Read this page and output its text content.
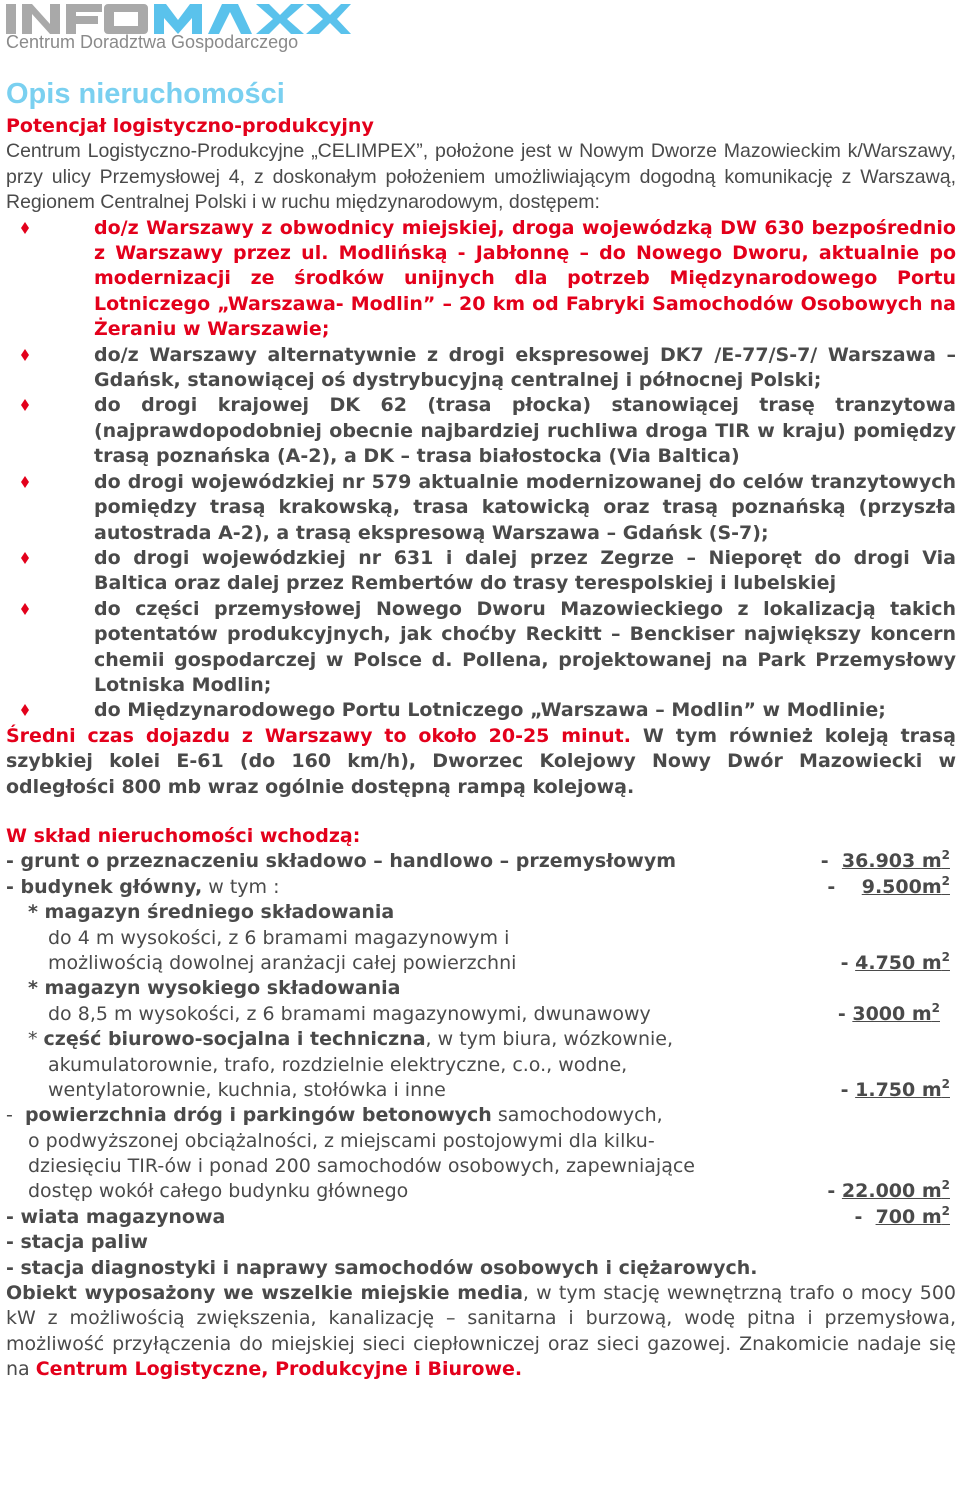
Centrum Doradztwa Gospodarczego
Opis nieruchomości
Potencjał logistyczno-produkcyjny

Centrum Logistyczno-Produkcyjne „CELIMPEX”, położone jest w Nowym Dworze Mazowieckim k/Warszawy, przy ulicy Przemysłowej 4, z doskonałym położeniem umożliwiającym dogodną komunikację z Warszawą, Regionem Centralnej Polski i w ruchu międzynarodowym, dostępem:

do/z Warszawy z obwodnicy miejskiej, droga wojewódzką DW 630 bezpośrednio z Warszawy przez ul. Modlińską - Jabłonnę – do Nowego Dworu, aktualnie po modernizacji ze środków unijnych dla potrzeb Międzynarodowego Portu Lotniczego „Warszawa- Modlin” – 20 km od Fabryki Samochodów Osobowych na Żeraniu w Warszawie;
do/z Warszawy alternatywnie z drogi ekspresowej DK7 /E-77/S-7/ Warszawa – Gdańsk, stanowiącej oś dystrybucyjną centralnej i północnej Polski;
do drogi krajowej DK 62 (trasa płocka) stanowiącej trasę tranzytowa (najprawdopodobniej obecnie najbardziej ruchliwa droga TIR w kraju) pomiędzy trasą poznańska (A-2), a DK – trasa białostocka (Via Baltica)
do drogi wojewódzkiej nr 579 aktualnie modernizowanej do celów tranzytowych pomiędzy trasą krakowską, trasa katowicką oraz trasą poznańską (przyszła autostrada A-2), a trasą ekspresową Warszawa – Gdańsk (S-7);
do drogi wojewódzkiej nr 631 i dalej przez Zegrze – Nieporęt do drogi Via Baltica oraz dalej przez Rembertów do trasy terespolskiej i lubelskiej
do części przemysłowej Nowego Dworu Mazowieckiego z lokalizacją takich potentatów produkcyjnych, jak choćby Reckitt – Benckiser największy koncern chemii gospodarczej w Polsce d. Pollena, projektowanej na Park Przemysłowy Lotniska Modlin;
do Międzynarodowego Portu Lotniczego „Warszawa – Modlin” w Modlinie;

Średni czas dojazdu z Warszawy to około 20-25 minut. W tym również koleją trasą szybkiej kolei E-61 (do 160 km/h), Dworzec Kolejowy Nowy Dwór Mazowiecki w odległości 800 mb wraz ogólnie dostępną rampą kolejową.

W skład nieruchomości wchodzą:
- grunt o przeznaczeniu składowo – handlowo – przemysłowym	-  36.903 $m^2$
- budynek główny, w tym :	-    $9.500m^2$
* magazyn średniego składowania
do 4 m wysokości, z 6 bramami magazynowym i
możliwością dowolnej aranżacji całej powierzchni	- 4.750 $m^2$
* magazyn wysokiego składowania
do 8,5 m wysokości, z 6 bramami magazynowymi, dwunawowy	- 3000 $m^2$
* część biurowo-socjalna i techniczna, w tym biura, wózkownie,
akumulatorownie, trafo, rozdzielnie elektryczne, c.o., wodne,
wentylatorownie, kuchnia, stołówka i inne	- 1.750 $m^2$
-  powierzchnia dróg i parkingów betonowych samochodowych,
o podwyższonej obciążalności, z miejscami postojowymi dla kilku-
dziesięciu TIR-ów i ponad 200 samochodów osobowych, zapewniające
dostęp wokół całego budynku głównego	- 22.000 $m^2$
- wiata magazynowa	-  700 $m^2$
- stacja paliw
- stacja diagnostyki i naprawy samochodów osobowych i ciężarowych.

Obiekt wyposażony we wszelkie miejskie media, w tym stację wewnętrzną trafo o mocy 500 kW z możliwością zwiększenia, kanalizację – sanitarna i burzową, wodę pitna i przemysłowa, możliwość przyłączenia do miejskiej sieci ciepłowniczej oraz sieci gazowej. Znakomicie nadaje się na Centrum Logistyczne, Produkcyjne i Biurowe.
